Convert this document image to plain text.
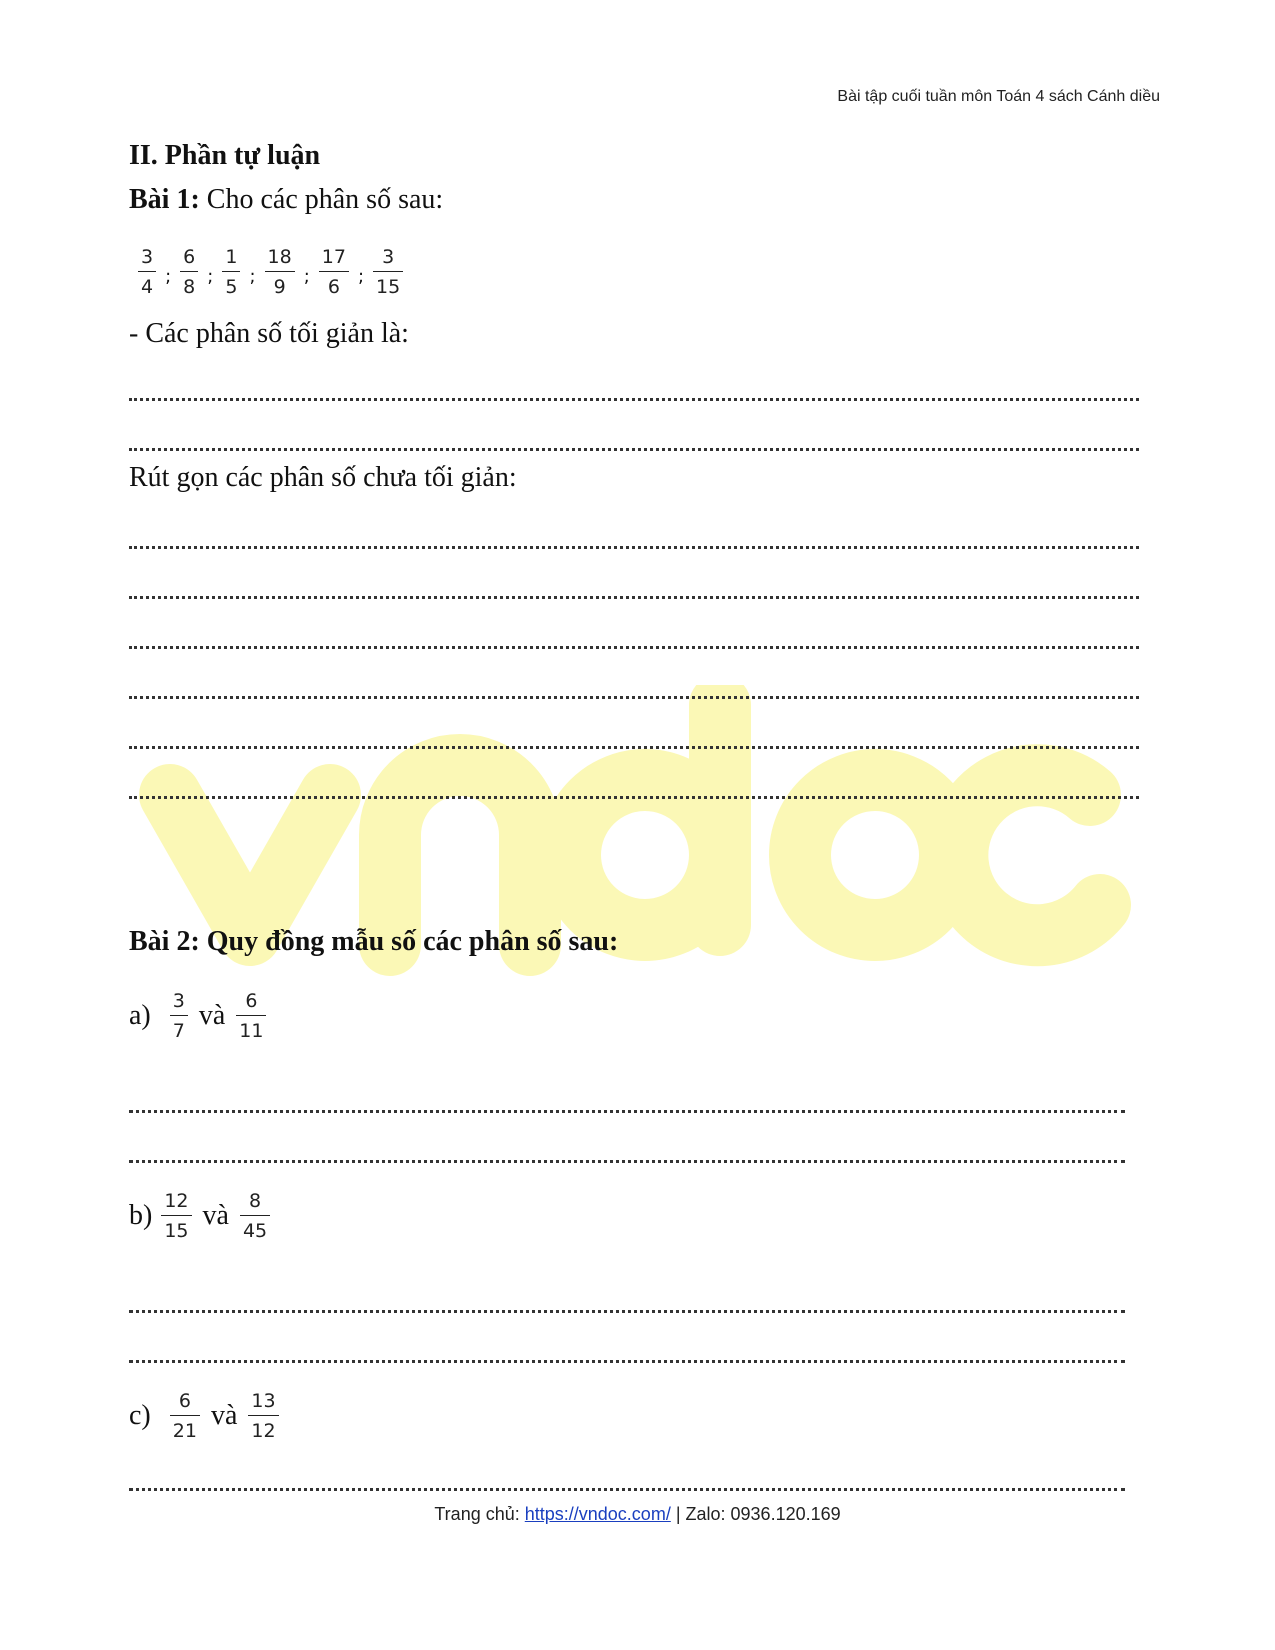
Bài tập cuối tuần môn Toán 4 sách Cánh diều
II. Phần tự luận
Bài 1: Cho các phân số sau:
$\frac{3}{4}$ ; $\frac{6}{8}$ ; $\frac{1}{5}$ ; $\frac{18}{9}$ ; $\frac{17}{6}$ ; $\frac{3}{15}$
- Các phân số tối giản là:
Rút gọn các phân số chưa tối giản:
Bài 2: Quy đồng mẫu số các phân số sau:
$a) \frac{3}{7}$ và $\frac{6}{11}$
$b) \frac{12}{15}$ và $\frac{8}{45}$
$c) \frac{6}{21}$ và $\frac{13}{12}$
Trang chủ: https://vndoc.com/ | Zalo: 0936.120.169
